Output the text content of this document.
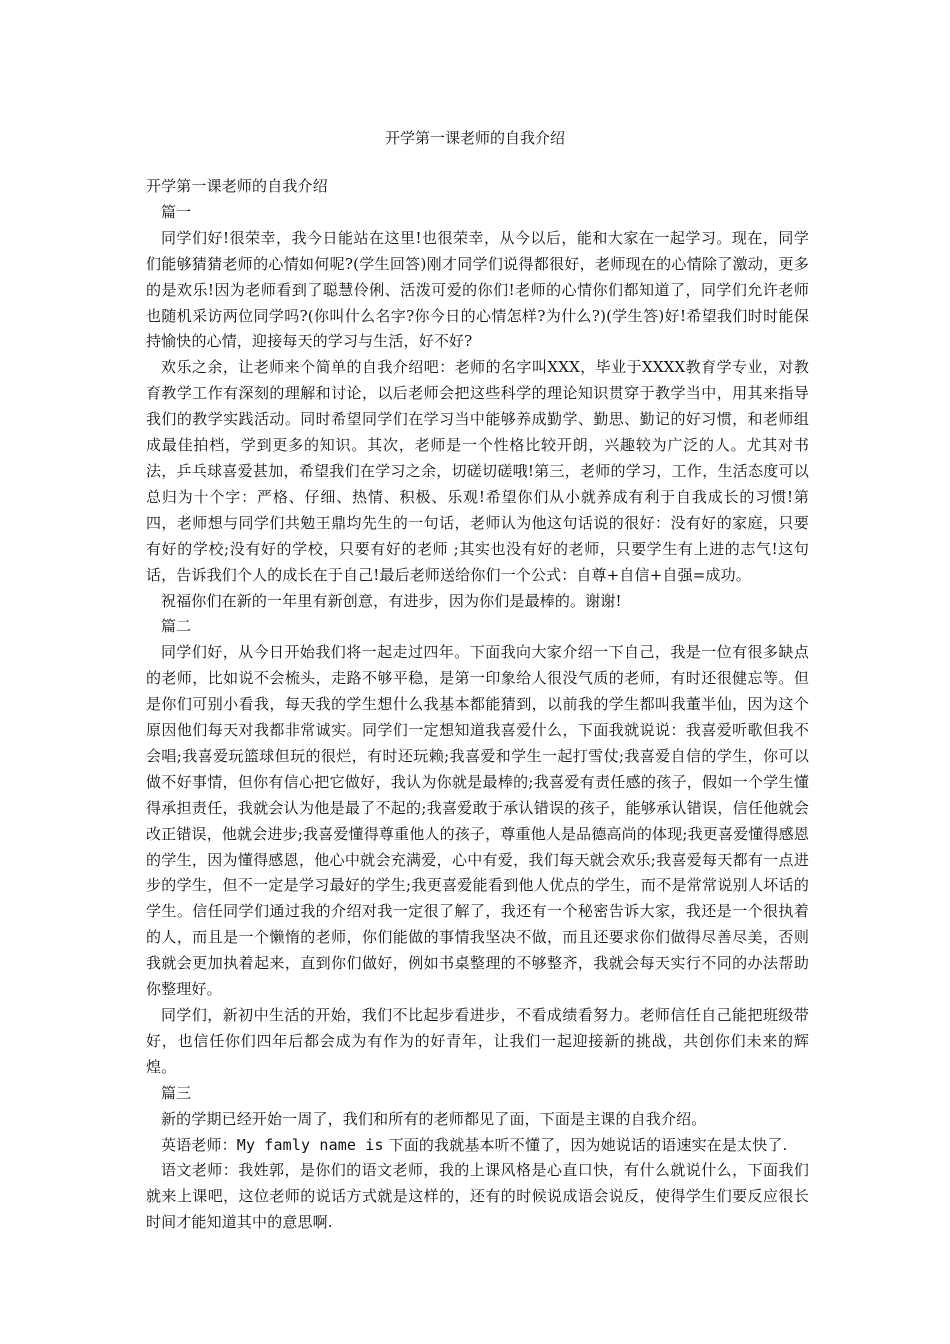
开学第一课老师的自我介绍

开学第一课老师的自我介绍

篇一

同学们好!很荣幸，我今日能站在这里!也很荣幸，从今以后，能和大家在一起学习。现在，同学们能够猜猜老师的心情如何呢?(学生回答)刚才同学们说得都很好，老师现在的心情除了激动，更多的是欢乐!因为老师看到了聪慧伶俐、活泼可爱的你们!老师的心情你们都知道了，同学们允许老师也随机采访两位同学吗?(你叫什么名字?你今日的心情怎样?为什么?)(学生答)好!希望我们时时能保持愉快的心情，迎接每天的学习与生活，好不好?

欢乐之余，让老师来个简单的自我介绍吧：老师的名字叫XXX，毕业于XXXX教育学专业，对教育教学工作有深刻的理解和讨论，以后老师会把这些科学的理论知识贯穿于教学当中，用其来指导我们的教学实践活动。同时希望同学们在学习当中能够养成勤学、勤思、勤记的好习惯，和老师组成最佳拍档，学到更多的知识。其次，老师是一个性格比较开朗，兴趣较为广泛的人。尤其对书法，乒乓球喜爱甚加，希望我们在学习之余，切磋切磋哦!第三，老师的学习，工作，生活态度可以总归为十个字：严格、仔细、热情、积极、乐观!希望你们从小就养成有利于自我成长的习惯!第四，老师想与同学们共勉王鼎均先生的一句话，老师认为他这句话说的很好：没有好的家庭，只要有好的学校;没有好的学校，只要有好的老师 ;其实也没有好的老师，只要学生有上进的志气!这句话，告诉我们个人的成长在于自己!最后老师送给你们一个公式：自尊+自信+自强=成功。

祝福你们在新的一年里有新创意，有进步，因为你们是最棒的。谢谢!

篇二

同学们好，从今日开始我们将一起走过四年。下面我向大家介绍一下自己，我是一位有很多缺点的老师，比如说不会梳头，走路不够平稳，是第一印象给人很没气质的老师，有时还很健忘等。但是你们可别小看我，每天我的学生想什么我基本都能猜到，以前我的学生都叫我董半仙，因为这个原因他们每天对我都非常诚实。同学们一定想知道我喜爱什么，下面我就说说：我喜爱听歌但我不会唱;我喜爱玩篮球但玩的很烂，有时还玩赖;我喜爱和学生一起打雪仗;我喜爱自信的学生，你可以做不好事情，但你有信心把它做好，我认为你就是最棒的;我喜爱有责任感的孩子，假如一个学生懂得承担责任，我就会认为他是最了不起的;我喜爱敢于承认错误的孩子，能够承认错误，信任他就会改正错误，他就会进步;我喜爱懂得尊重他人的孩子，尊重他人是品德高尚的体现;我更喜爱懂得感恩的学生，因为懂得感恩，他心中就会充满爱，心中有爱，我们每天就会欢乐;我喜爱每天都有一点进步的学生，但不一定是学习最好的学生;我更喜爱能看到他人优点的学生，而不是常常说别人坏话的学生。信任同学们通过我的介绍对我一定很了解了，我还有一个秘密告诉大家，我还是一个很执着的人，而且是一个懒惰的老师，你们能做的事情我坚决不做，而且还要求你们做得尽善尽美，否则我就会更加执着起来，直到你们做好，例如书桌整理的不够整齐，我就会每天实行不同的办法帮助你整理好。

同学们，新初中生活的开始，我们不比起步看进步，不看成绩看努力。老师信任自己能把班级带好，也信任你们四年后都会成为有作为的好青年，让我们一起迎接新的挑战，共创你们未来的辉煌。

篇三

新的学期已经开始一周了，我们和所有的老师都见了面，下面是主课的自我介绍。

英语老师：My famly name is 下面的我就基本听不懂了，因为她说话的语速实在是太快了.

语文老师：我姓郭，是你们的语文老师，我的上课风格是心直口快，有什么就说什么，下面我们就来上课吧，这位老师的说话方式就是这样的，还有的时候说成语会说反，使得学生们要反应很长时间才能知道其中的意思啊.
